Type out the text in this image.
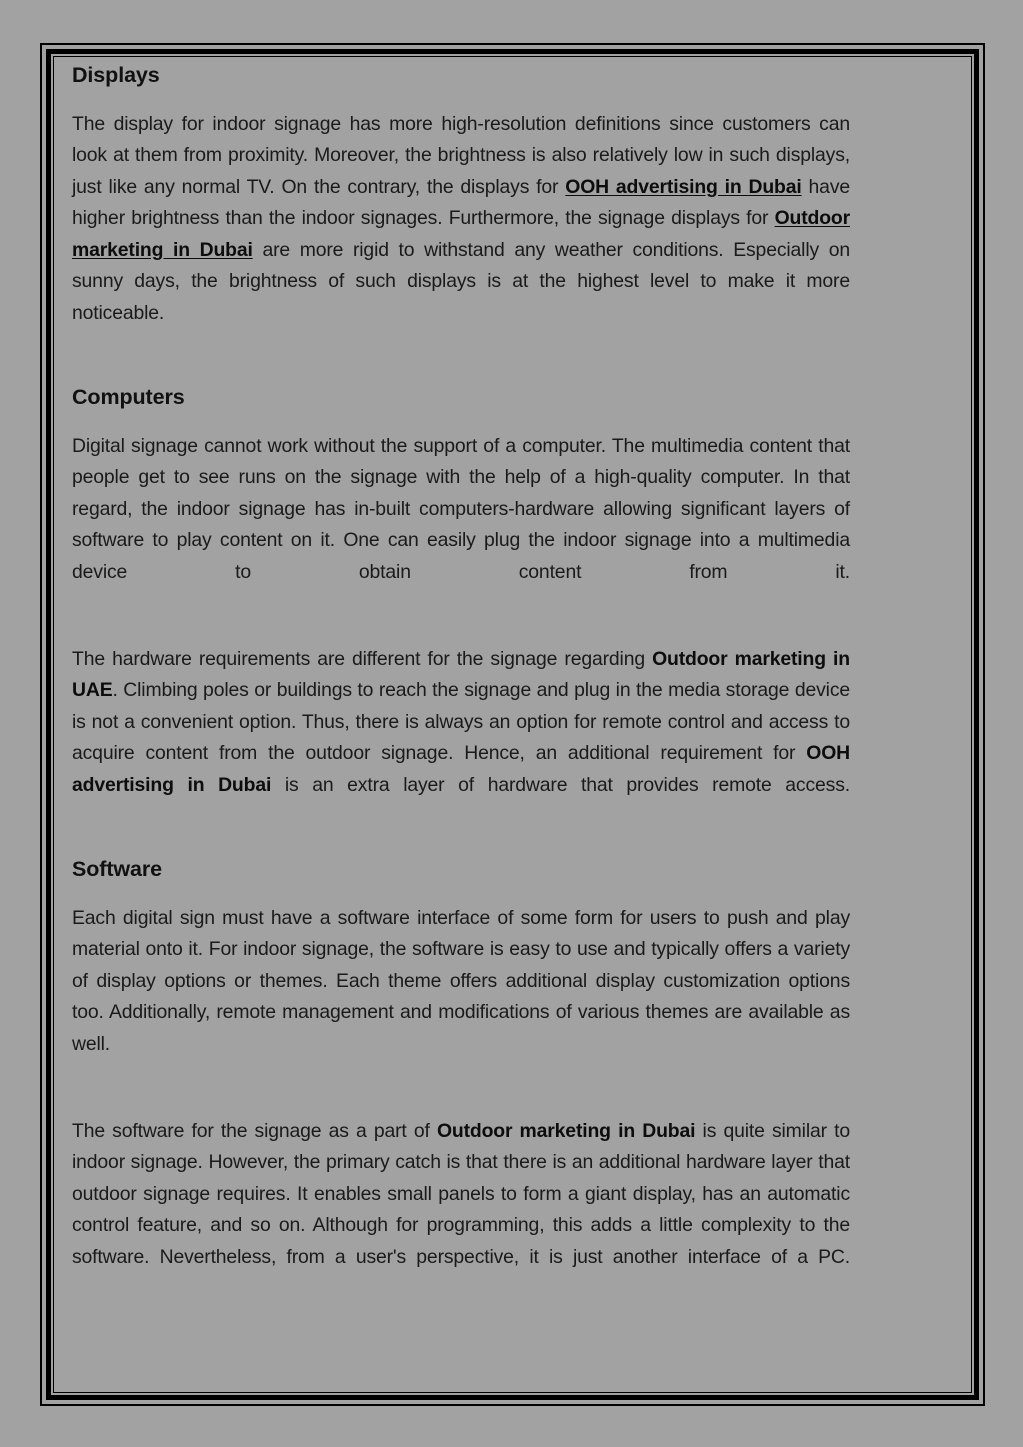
Displays

The display for indoor signage has more high-resolution definitions since customers can look at them from proximity. Moreover, the brightness is also relatively low in such displays, just like any normal TV. On the contrary, the displays for OOH advertising in Dubai have higher brightness than the indoor signages. Furthermore, the signage displays for Outdoor marketing in Dubai are more rigid to withstand any weather conditions. Especially on sunny days, the brightness of such displays is at the highest level to make it more noticeable.

Computers

Digital signage cannot work without the support of a computer. The multimedia content that people get to see runs on the signage with the help of a high-quality computer. In that regard, the indoor signage has in-built computers-hardware allowing significant layers of software to play content on it. One can easily plug the indoor signage into a multimedia device to obtain content from it.

The hardware requirements are different for the signage regarding Outdoor marketing in UAE. Climbing poles or buildings to reach the signage and plug in the media storage device is not a convenient option. Thus, there is always an option for remote control and access to acquire content from the outdoor signage. Hence, an additional requirement for OOH advertising in Dubai is an extra layer of hardware that provides remote access.

Software

Each digital sign must have a software interface of some form for users to push and play material onto it. For indoor signage, the software is easy to use and typically offers a variety of display options or themes. Each theme offers additional display customization options too. Additionally, remote management and modifications of various themes are available as well.

The software for the signage as a part of Outdoor marketing in Dubai is quite similar to indoor signage. However, the primary catch is that there is an additional hardware layer that outdoor signage requires. It enables small panels to form a giant display, has an automatic control feature, and so on. Although for programming, this adds a little complexity to the software. Nevertheless, from a user's perspective, it is just another interface of a PC.
